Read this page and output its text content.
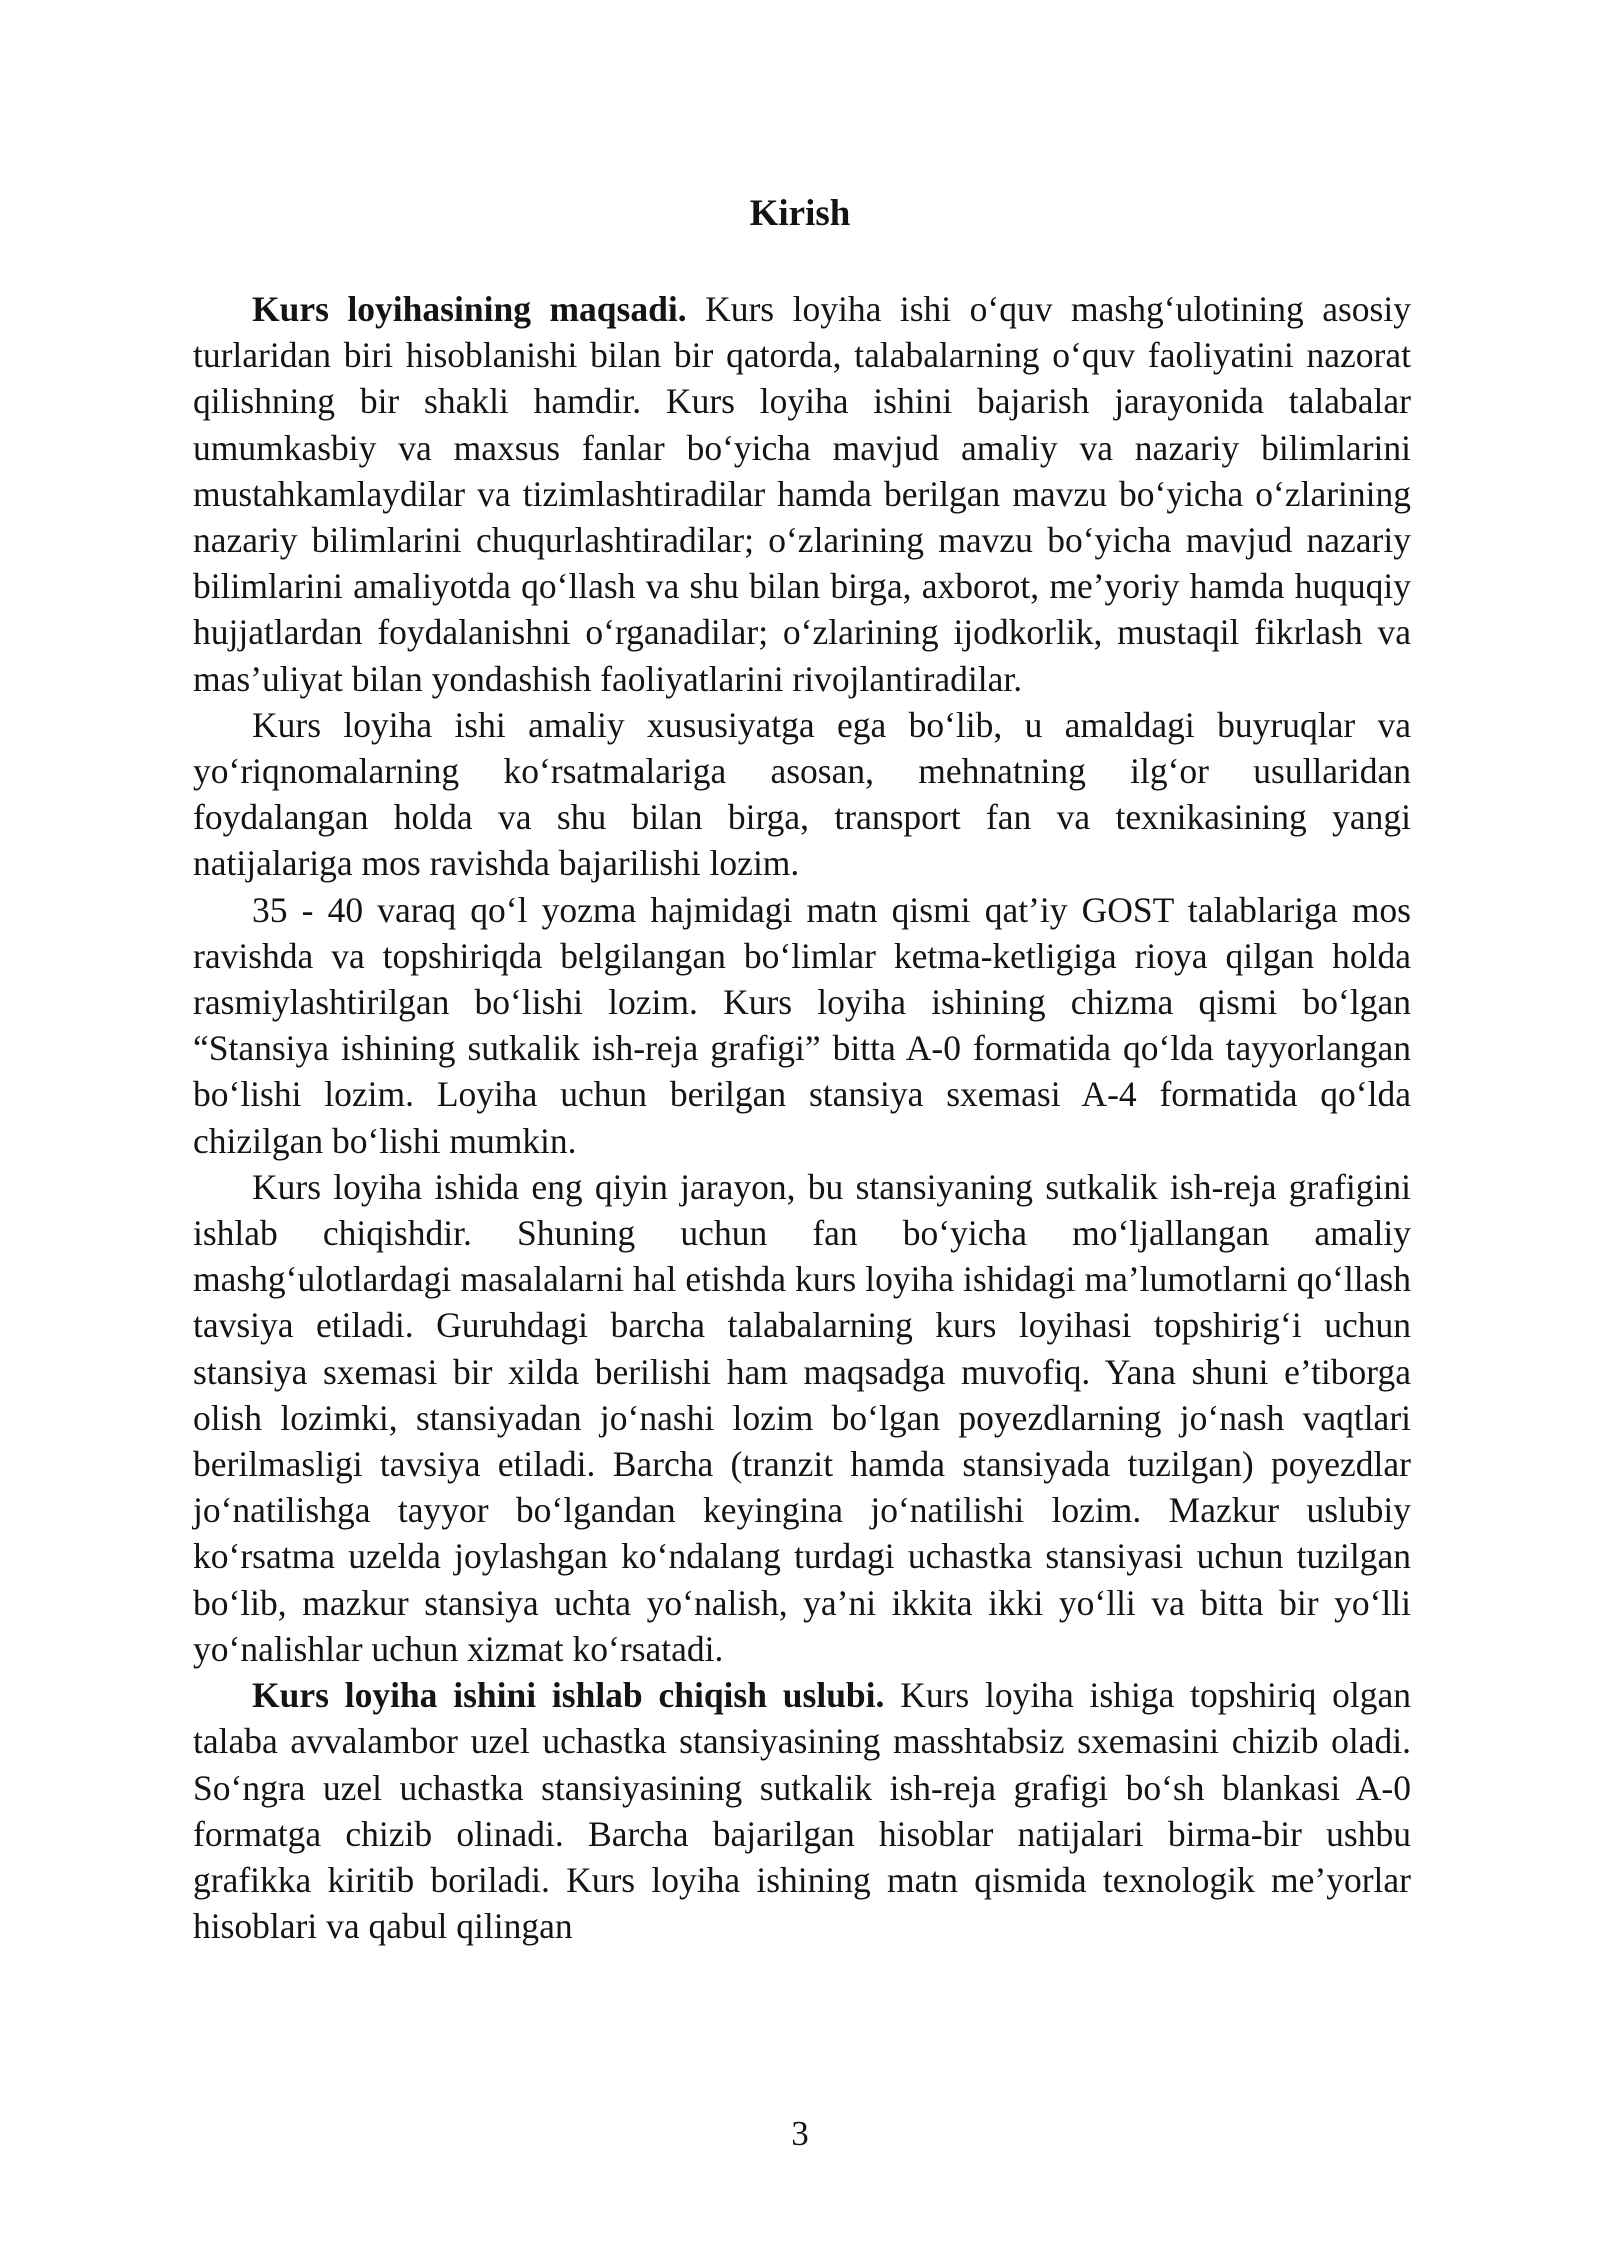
Kirish

Kurs loyihasining maqsadi. Kurs loyiha ishi o‘quv mashg‘ulotining asosiy turlaridan biri hisoblanishi bilan bir qatorda, talabalarning o‘quv faoliyatini nazorat qilishning bir shakli hamdir. Kurs loyiha ishini bajarish jarayonida talabalar umumkasbiy va maxsus fanlar bo‘yicha mavjud amaliy va nazariy bilimlarini mustahkamlaydilar va tizimlashtiradilar hamda berilgan mavzu bo‘yicha o‘zlarining nazariy bilimlarini chuqurlashtiradilar; o‘zlarining mavzu bo‘yicha mavjud nazariy bilimlarini amaliyotda qo‘llash va shu bilan birga, axborot, me’yoriy hamda huquqiy hujjatlardan foydalanishni o‘rganadilar; o‘zlarining ijodkorlik, mustaqil fikrlash va mas’uliyat bilan yondashish faoliyatlarini rivojlantiradilar.

Kurs loyiha ishi amaliy xususiyatga ega bo‘lib, u amaldagi buyruqlar va yo‘riqnomalarning ko‘rsatmalariga asosan, mehnatning ilg‘or usullaridan foydalangan holda va shu bilan birga, transport fan va texnikasining yangi natijalariga mos ravishda bajarilishi lozim.

35 - 40 varaq qo‘l yozma hajmidagi matn qismi qat’iy GOST talablariga mos ravishda va topshiriqda belgilangan bo‘limlar ketma-ketligiga rioya qilgan holda rasmiylashtirilgan bo‘lishi lozim. Kurs loyiha ishining chizma qismi bo‘lgan “Stansiya ishining sutkalik ish-reja grafigi” bitta A-0 formatida qo‘lda tayyorlangan bo‘lishi lozim. Loyiha uchun berilgan stansiya sxemasi A-4 formatida qo‘lda chizilgan bo‘lishi mumkin.

Kurs loyiha ishida eng qiyin jarayon, bu stansiyaning sutkalik ish-reja grafigini ishlab chiqishdir. Shuning uchun fan bo‘yicha mo‘ljallangan amaliy mashg‘ulotlardagi masalalarni hal etishda kurs loyiha ishidagi ma’lumotlarni qo‘llash tavsiya etiladi. Guruhdagi barcha talabalarning kurs loyihasi topshirig‘i uchun stansiya sxemasi bir xilda berilishi ham maqsadga muvofiq. Yana shuni e’tiborga olish lozimki, stansiyadan jo‘nashi lozim bo‘lgan poyezdlarning jo‘nash vaqtlari berilmasligi tavsiya etiladi. Barcha (tranzit hamda stansiyada tuzilgan) poyezdlar jo‘natilishga tayyor bo‘lgandan keyingina jo‘natilishi lozim. Mazkur uslubiy ko‘rsatma uzelda joylashgan ko‘ndalang turdagi uchastka stansiyasi uchun tuzilgan bo‘lib, mazkur stansiya uchta yo‘nalish, ya’ni ikkita ikki yo‘lli va bitta bir yo‘lli yo‘nalishlar uchun xizmat ko‘rsatadi.

Kurs loyiha ishini ishlab chiqish uslubi. Kurs loyiha ishiga topshiriq olgan talaba avvalambor uzel uchastka stansiyasining masshtabsiz sxemasini chizib oladi. So‘ngra uzel uchastka stansiyasining sutkalik ish-reja grafigi bo‘sh blankasi A-0 formatga chizib olinadi. Barcha bajarilgan hisoblar natijalari birma-bir ushbu grafikka kiritib boriladi. Kurs loyiha ishining matn qismida texnologik me’yorlar hisoblari va qabul qilingan

3
